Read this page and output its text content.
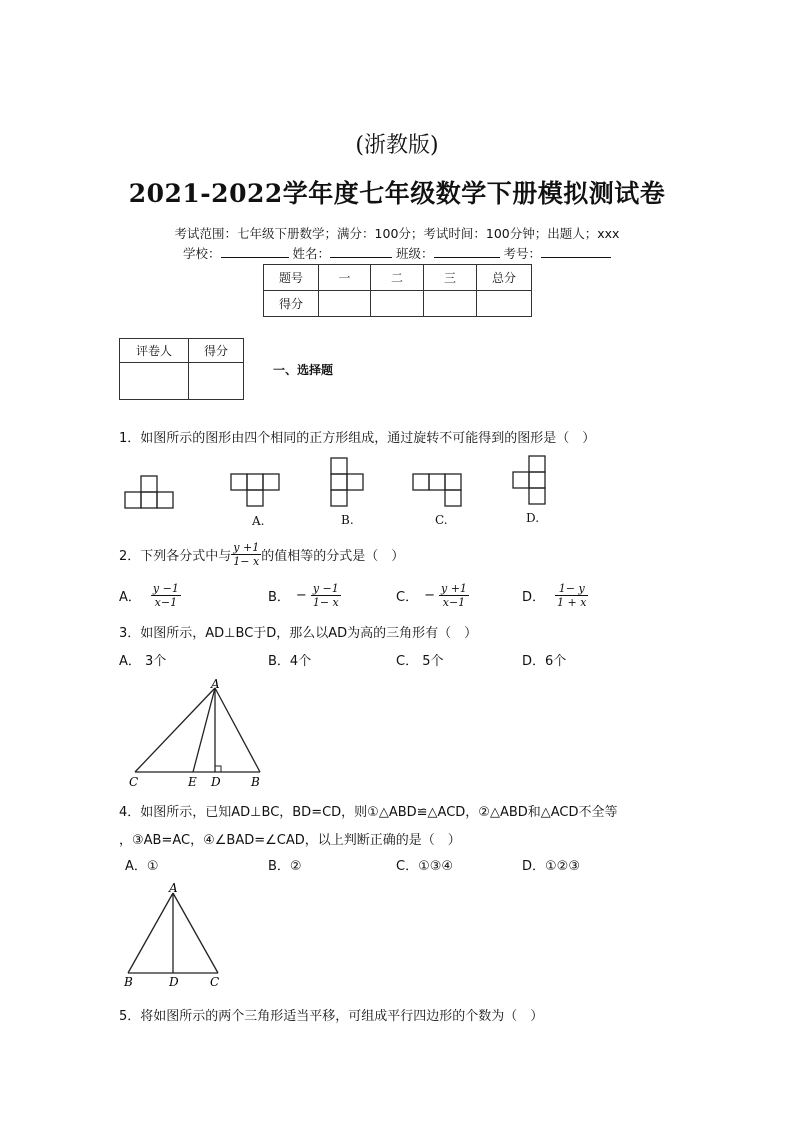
(浙教版)
2021-2022学年度七年级数学下册模拟测试卷
考试范围：七年级下册数学；满分：100分；考试时间：100分钟；出题人；xxx
学校：	姓名：	班级：	考号：
题号	一	二	三	总分
得分				
评卷人	得分

一、选择题
1．如图所示的图形由四个相同的正方形组成，通过旋转不可能得到的图形是（　）
A.	B.	C.	D.
2．下列各分式中与 $\frac{y +1}{1- x}$ 的值相等的分式是（　）
A． $\frac{y -1}{x-1}$	B． − $\frac{y -1}{1- x}$	C． − $\frac{y +1}{x-1}$	D． $\frac{1- y}{1 + x}$
3．如图所示，AD⊥BC于D，那么以AD为高的三角形有（　）
A． 3个	B．4个	C． 5个	D．6个
A
C	E D	B
4．如图所示，已知AD⊥BC，BD=CD，则①△ABD≌△ACD，②△ABD和△ACD不全等
，③AB=AC，④∠BAD=∠CAD，以上判断正确的是（　）
A．①	B．②	C．①③④	D．①②③
A
B	D	C
5．将如图所示的两个三角形适当平移，可组成平行四边形的个数为（　）
